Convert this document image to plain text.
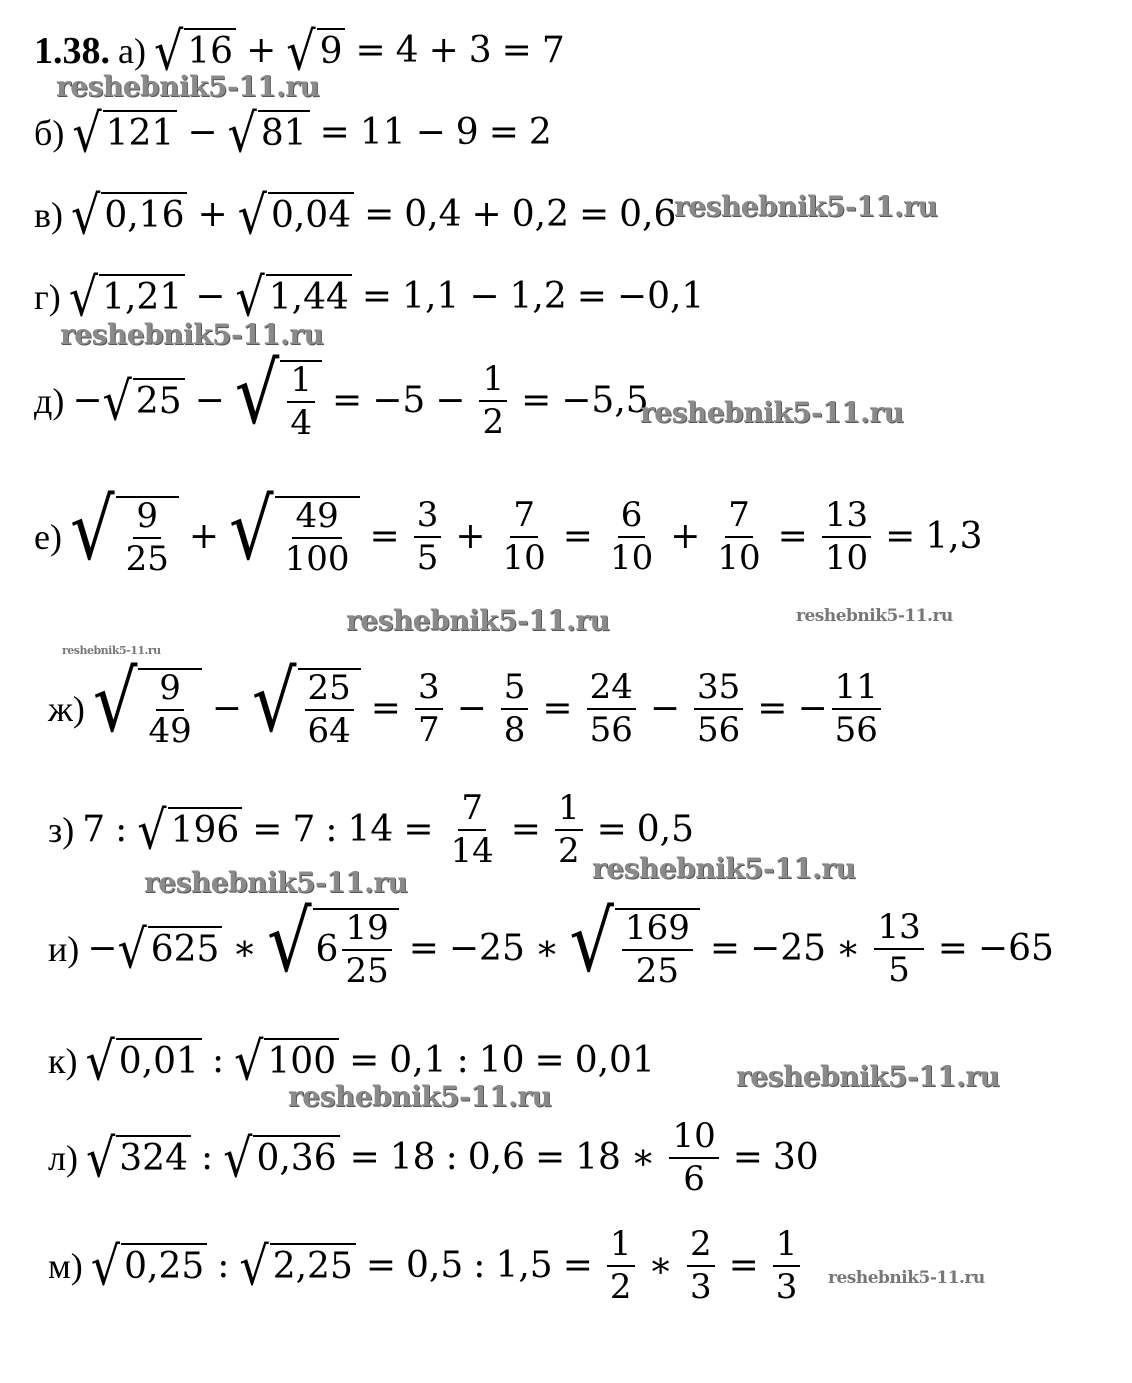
1.38. а) √ 16 + √ 9 = 4 + 3 = 7
б) √ 121 − √ 81 = 11 − 9 = 2
в) √ 0,16 + √ 0,04 = 0,4 + 0,2 = 0,6
г) √ 1,21 − √ 1,44 = 1,1 − 1,2 = −0,1
д) − √ 25 − √ $\frac{1}{4} = -5 - \frac{1}{2} = -5,5$
е) √ $\frac{9}{25}$ + √ $\frac{49}{100} = \frac{3}{5} + \frac{7}{10} = \frac{6}{10} + \frac{7}{10} = \frac{13}{10} = 1,3$
ж) √ $\frac{9}{49}$ − √ $\frac{25}{64} = \frac{3}{7} - \frac{5}{8} = \frac{24}{56} - \frac{35}{56}$ = − $\frac{11}{56}$
з) 7 : √ 196 = 7 : $14 = \frac{7}{14} = \frac{1}{2} = 0,5$
и) − √ 625 ∗ √ $6 \frac{19}{25} = -25$ ∗ √ $\frac{169}{25} = -25$ ∗ $\frac{13}{5} = -65$
к) √ 0,01 : √ 100 = 0,1 : 10 = 0,01
л) √ 324 : √ 0,36 = 18 : 0,6 = 18 ∗ $\frac{10}{6} = 30$
м) √ 0,25 : √ 2,25 = 0,5 : $1,5 = \frac{1}{2}$ ∗ $\frac{2}{3} = \frac{1}{3}$
reshebnik5-11.ru
reshebnik5-11.ru
reshebnik5-11.ru
reshebnik5-11.ru
reshebnik5-11.ru	reshebnik5-11.ru
reshebnik5-11.ru
reshebnik5-11.ru
reshebnik5-11.ru
reshebnik5-11.ru
reshebnik5-11.ru
reshebnik5-11.ru
